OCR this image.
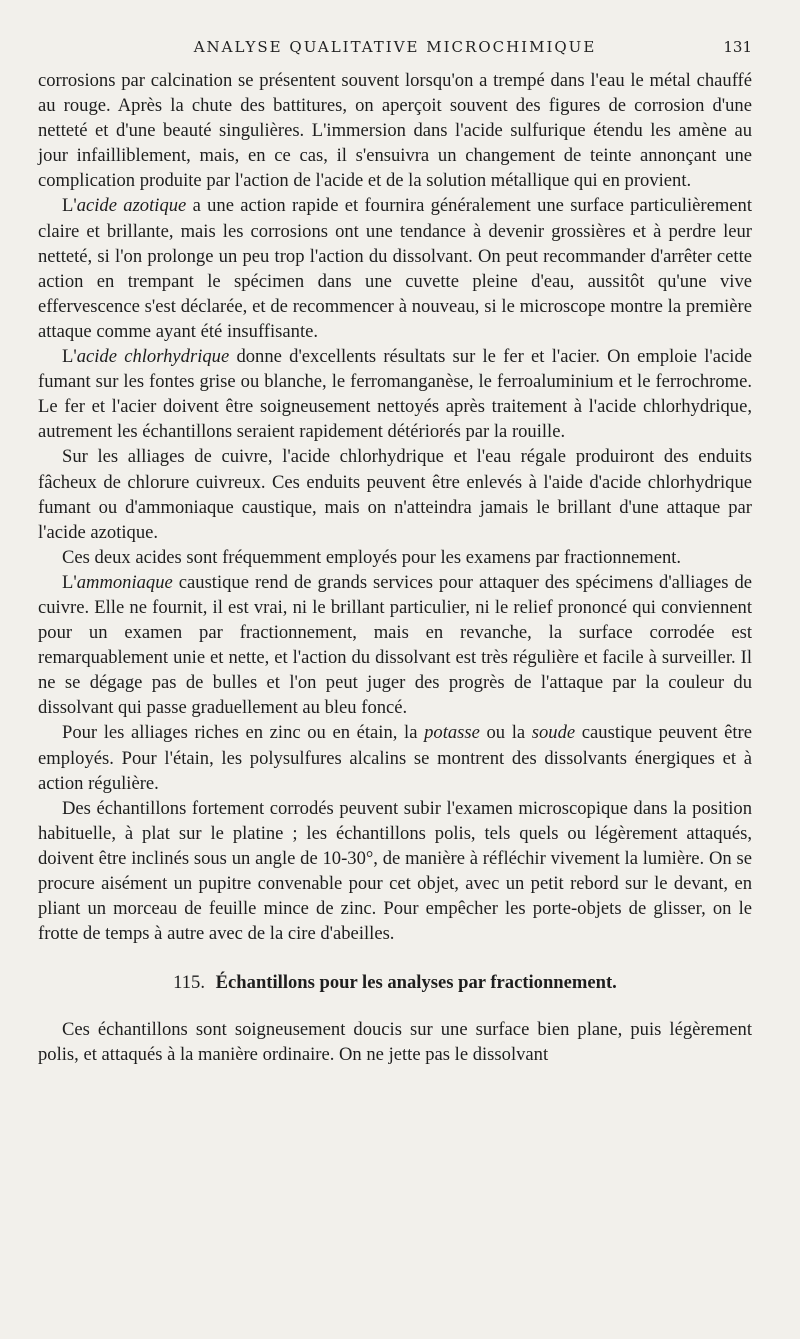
ANALYSE QUALITATIVE MICROCHIMIQUE	131

corrosions par calcination se présentent souvent lorsqu'on a trempé dans l'eau le métal chauffé au rouge. Après la chute des battitures, on aperçoit souvent des figures de corrosion d'une netteté et d'une beauté singulières. L'immersion dans l'acide sulfurique étendu les amène au jour infailliblement, mais, en ce cas, il s'ensuivra un changement de teinte annonçant une complication produite par l'action de l'acide et de la solution métallique qui en provient.

L'acide azotique a une action rapide et fournira généralement une surface particulièrement claire et brillante, mais les corrosions ont une tendance à devenir grossières et à perdre leur netteté, si l'on prolonge un peu trop l'action du dissolvant. On peut recommander d'arrêter cette action en trempant le spécimen dans une cuvette pleine d'eau, aussitôt qu'une vive effervescence s'est déclarée, et de recommencer à nouveau, si le microscope montre la première attaque comme ayant été insuffisante.

L'acide chlorhydrique donne d'excellents résultats sur le fer et l'acier. On emploie l'acide fumant sur les fontes grise ou blanche, le ferromanganèse, le ferroaluminium et le ferrochrome. Le fer et l'acier doivent être soigneusement nettoyés après traitement à l'acide chlorhydrique, autrement les échantillons seraient rapidement détériorés par la rouille.

Sur les alliages de cuivre, l'acide chlorhydrique et l'eau régale produiront des enduits fâcheux de chlorure cuivreux. Ces enduits peuvent être enlevés à l'aide d'acide chlorhydrique fumant ou d'ammoniaque caustique, mais on n'atteindra jamais le brillant d'une attaque par l'acide azotique.

Ces deux acides sont fréquemment employés pour les examens par fractionnement.

L'ammoniaque caustique rend de grands services pour attaquer des spécimens d'alliages de cuivre. Elle ne fournit, il est vrai, ni le brillant particulier, ni le relief prononcé qui conviennent pour un examen par fractionnement, mais en revanche, la surface corrodée est remarquablement unie et nette, et l'action du dissolvant est très régulière et facile à surveiller. Il ne se dégage pas de bulles et l'on peut juger des progrès de l'attaque par la couleur du dissolvant qui passe graduellement au bleu foncé.

Pour les alliages riches en zinc ou en étain, la potasse ou la soude caustique peuvent être employés. Pour l'étain, les polysulfures alcalins se montrent des dissolvants énergiques et à action régulière.

Des échantillons fortement corrodés peuvent subir l'examen microscopique dans la position habituelle, à plat sur le platine ; les échantillons polis, tels quels ou légèrement attaqués, doivent être inclinés sous un angle de 10-30°, de manière à réfléchir vivement la lumière. On se procure aisément un pupitre convenable pour cet objet, avec un petit rebord sur le devant, en pliant un morceau de feuille mince de zinc. Pour empêcher les porte-objets de glisser, on le frotte de temps à autre avec de la cire d'abeilles.

115. Échantillons pour les analyses par fractionnement.

Ces échantillons sont soigneusement doucis sur une surface bien plane, puis légèrement polis, et attaqués à la manière ordinaire. On ne jette pas le dissolvant
